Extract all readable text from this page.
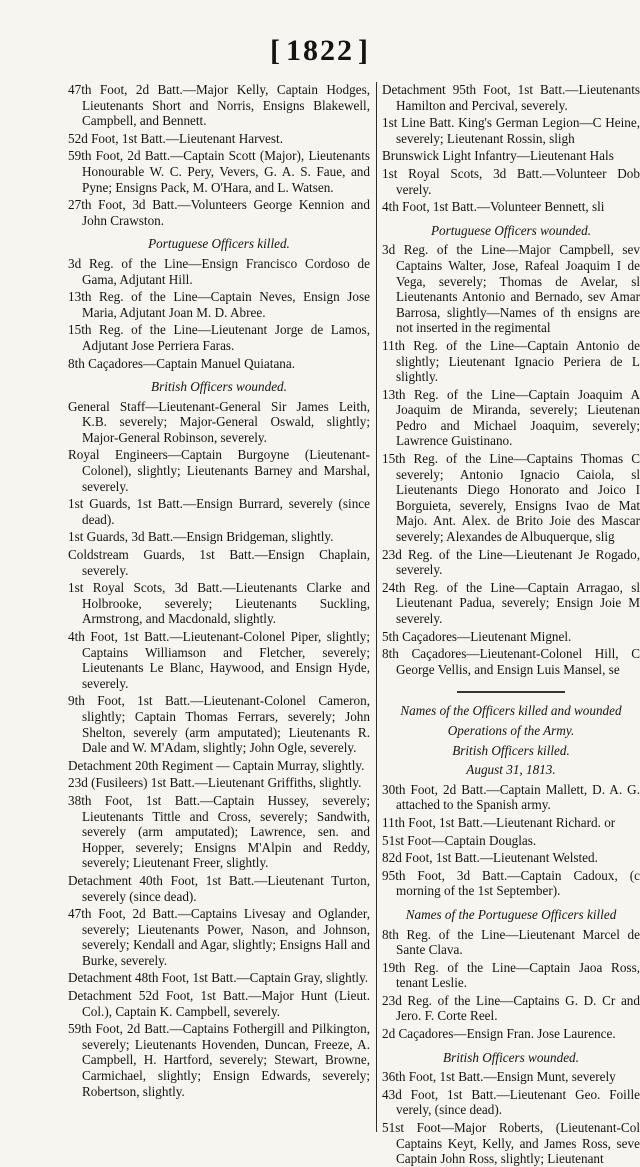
[ 1822 ]
47th Foot, 2d Batt.—Major Kelly, Captain Hodges, Lieutenants Short and Norris, Ensigns Blakewell, Campbell, and Bennett.
52d Foot, 1st Batt.—Lieutenant Harvest.
59th Foot, 2d Batt.—Captain Scott (Major), Lieutenants Honourable W. C. Pery, Vevers, G. A. S. Faue, and Pyne; Ensigns Pack, M. O'Hara, and L. Watsen.
27th Foot, 3d Batt.—Volunteers George Kennion and John Crawston.
Portuguese Officers killed.
3d Reg. of the Line—Ensign Francisco Cordoso de Gama, Adjutant Hill.
13th Reg. of the Line—Captain Neves, Ensign Jose Maria, Adjutant Joan M. D. Abree.
15th Reg. of the Line—Lieutenant Jorge de Lamos, Adjutant Jose Perriera Faras.
8th Caçadores—Captain Manuel Quiatana.
British Officers wounded.
General Staff—Lieutenant-General Sir James Leith, K.B. severely; Major-General Oswald, slightly; Major-General Robinson, severely.
Royal Engineers—Captain Burgoyne (Lieutenant-Colonel), slightly; Lieutenants Barney and Marshal, severely.
1st Guards, 1st Batt.—Ensign Burrard, severely (since dead).
1st Guards, 3d Batt.—Ensign Bridgeman, slightly.
Coldstream Guards, 1st Batt.—Ensign Chaplain, severely.
1st Royal Scots, 3d Batt.—Lieutenants Clarke and Holbrooke, severely; Lieutenants Suckling, Armstrong, and Macdonald, slightly.
4th Foot, 1st Batt.—Lieutenant-Colonel Piper, slightly; Captains Williamson and Fletcher, severely; Lieutenants Le Blanc, Haywood, and Ensign Hyde, severely.
9th Foot, 1st Batt.—Lieutenant-Colonel Cameron, slightly; Captain Thomas Ferrars, severely; John Shelton, severely (arm amputated); Lieutenants R. Dale and W. M'Adam, slightly; John Ogle, severely.
Detachment 20th Regiment — Captain Murray, slightly.
23d (Fusileers) 1st Batt.—Lieutenant Griffiths, slightly.
38th Foot, 1st Batt.—Captain Hussey, severely; Lieutenants Tittle and Cross, severely; Sandwith, severely (arm amputated); Lawrence, sen. and Hopper, severely; Ensigns M'Alpin and Reddy, severely; Lieutenant Freer, slightly.
Detachment 40th Foot, 1st Batt.—Lieutenant Turton, severely (since dead).
47th Foot, 2d Batt.—Captains Livesay and Oglander, severely; Lieutenants Power, Nason, and Johnson, severely; Kendall and Agar, slightly; Ensigns Hall and Burke, severely.
Detachment 48th Foot, 1st Batt.—Captain Gray, slightly.
Detachment 52d Foot, 1st Batt.—Major Hunt (Lieut. Col.), Captain K. Campbell, severely.
59th Foot, 2d Batt.—Captains Fothergill and Pilkington, severely; Lieutenants Hovenden, Duncan, Freeze, A. Campbell, H. Hartford, severely; Stewart, Browne, Carmichael, slightly; Ensign Edwards, severely; Robertson, slightly.
Detachment 95th Foot, 1st Batt.—Lieutenants Hamilton and Percival, severely.
1st Line Batt. King's German Legion—C Heine, severely; Lieutenant Rossin, sligh
Brunswick Light Infantry—Lieutenant Hals
1st Royal Scots, 3d Batt.—Volunteer Dob verely.
4th Foot, 1st Batt.—Volunteer Bennett, sli
Portuguese Officers wounded.
3d Reg. of the Line—Major Campbell, sev Captains Walter, Jose, Rafeal Joaquim I de Vega, severely; Thomas de Avelar, sl Lieutenants Antonio and Bernado, sev Amar Barrosa, slightly—Names of th ensigns are not inserted in the regimental
11th Reg. of the Line—Captain Antonio de slightly; Lieutenant Ignacio Periera de L slightly.
13th Reg. of the Line—Captain Joaquim A Joaquim de Miranda, severely; Lieutenan Pedro and Michael Joaquim, severely; Lawrence Guistinano.
15th Reg. of the Line—Captains Thomas C severely; Antonio Ignacio Caiola, sl Lieutenants Diego Honorato and Joico I Borguieta, severely, Ensigns Ivao de Mat Majo. Ant. Alex. de Brito Joie des Mascar severely; Alexandes de Albuquerque, slig
23d Reg. of the Line—Lieutenant Je Rogado, severely.
24th Reg. of the Line—Captain Arragao, sl Lieutenant Padua, severely; Ensign Joie M severely.
5th Caçadores—Lieutenant Mignel.
8th Caçadores—Lieutenant-Colonel Hill, C George Vellis, and Ensign Luis Mansel, se
Names of the Officers killed and wounded
Operations of the Army.
British Officers killed.
August 31, 1813.
30th Foot, 2d Batt.—Captain Mallett, D. A. G. attached to the Spanish army.
11th Foot, 1st Batt.—Lieutenant Richard. or
51st Foot—Captain Douglas.
82d Foot, 1st Batt.—Lieutenant Welsted.
95th Foot, 3d Batt.—Captain Cadoux, (c morning of the 1st September).
Names of the Portuguese Officers killed
8th Reg. of the Line—Lieutenant Marcel de Sante Clava.
19th Reg. of the Line—Captain Jaoa Ross, tenant Leslie.
23d Reg. of the Line—Captains G. D. Cr and Jero. F. Corte Reel.
2d Caçadores—Ensign Fran. Jose Laurence.
British Officers wounded.
36th Foot, 1st Batt.—Ensign Munt, severely
43d Foot, 1st Batt.—Lieutenant Geo. Foille verely, (since dead).
51st Foot—Major Roberts, (Lieutenant-Col Captains Keyt, Kelly, and James Ross, seve Captain John Ross, slightly; Lieutenant
